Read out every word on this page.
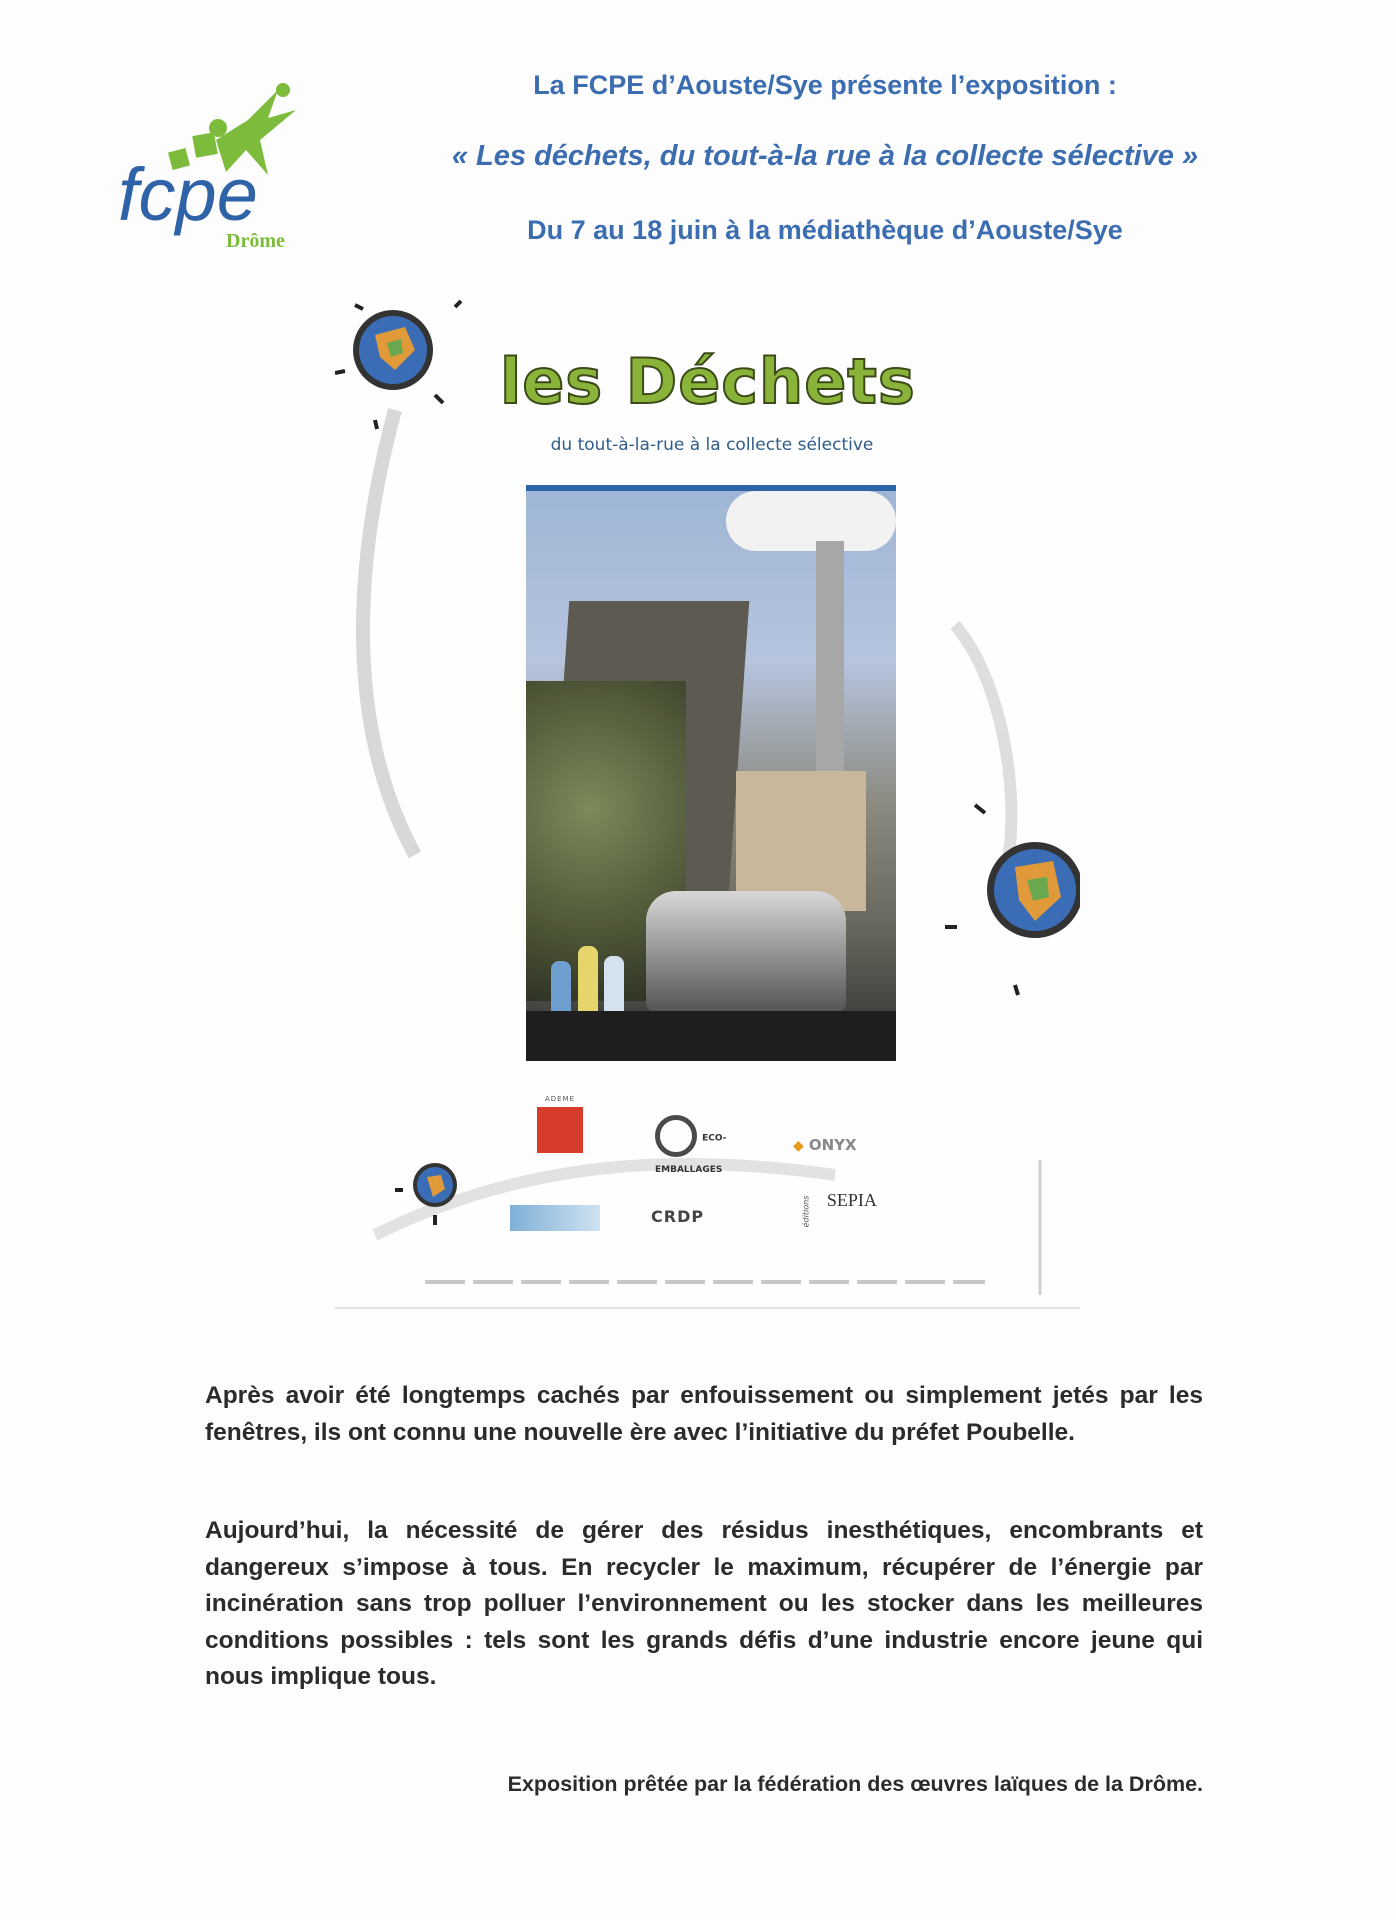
fcpe
Drôme
La FCPE d’Aouste/Sye présente l’exposition :
« Les déchets, du tout-à-la rue à la collecte sélective »
Du 7 au 18 juin à la médiathèque d’Aouste/Sye
les Déchets
du tout-à-la-rue à la collecte sélective
ADEME
ECO-EMBALLAGES
◆ ONYX
CRDP	éditions SEPIA

Après avoir été longtemps cachés par enfouissement ou simplement jetés par les fenêtres, ils ont connu une nouvelle ère avec l’initiative du préfet Poubelle.

Aujourd’hui, la nécessité de gérer des résidus inesthétiques, encombrants et dangereux s’impose à tous. En recycler le maximum, récupérer de l’énergie par incinération sans trop polluer l’environnement ou les stocker dans les meilleures conditions possibles : tels sont les grands défis d’une industrie encore jeune qui nous implique tous.

Exposition prêtée par la fédération des œuvres laïques de la Drôme.
